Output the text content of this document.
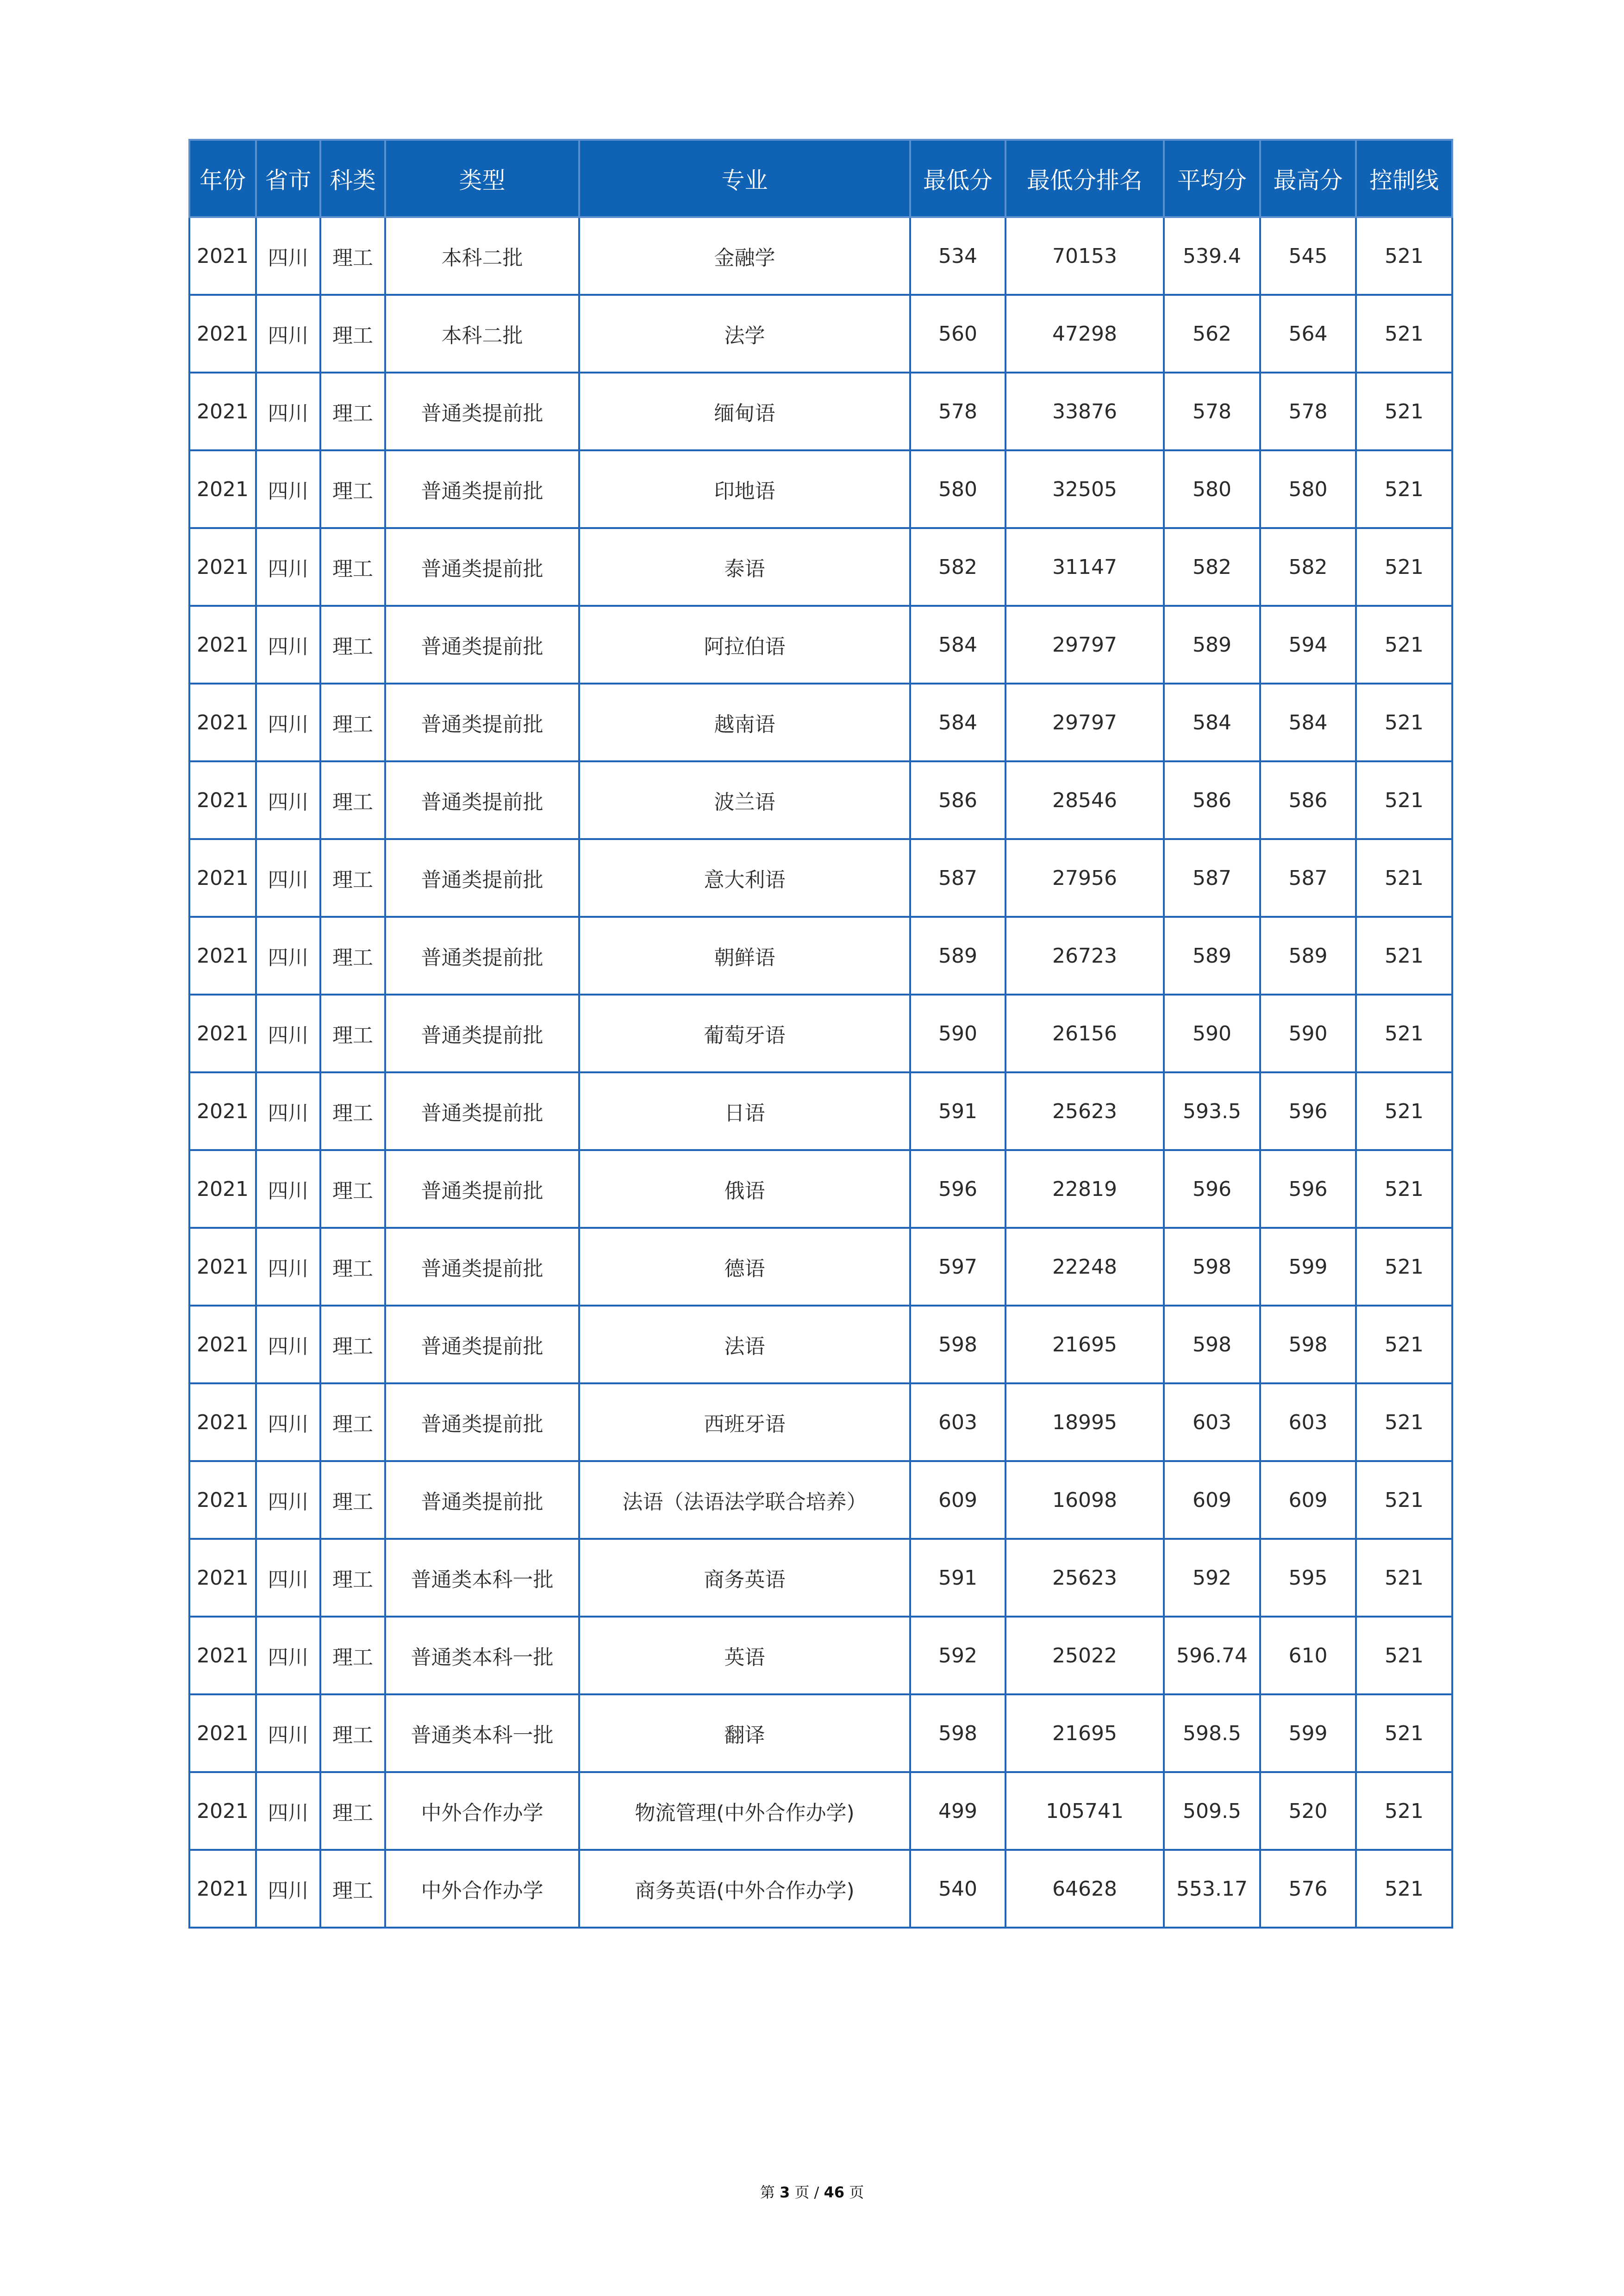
年份	省市	科类	类型	专业	最低分	最低分排名	平均分	最高分	控制线
2021	四川	理工	本科二批	金融学	534	70153	539.4	545	521
2021	四川	理工	本科二批	法学	560	47298	562	564	521
2021	四川	理工	普通类提前批	缅甸语	578	33876	578	578	521
2021	四川	理工	普通类提前批	印地语	580	32505	580	580	521
2021	四川	理工	普通类提前批	泰语	582	31147	582	582	521
2021	四川	理工	普通类提前批	阿拉伯语	584	29797	589	594	521
2021	四川	理工	普通类提前批	越南语	584	29797	584	584	521
2021	四川	理工	普通类提前批	波兰语	586	28546	586	586	521
2021	四川	理工	普通类提前批	意大利语	587	27956	587	587	521
2021	四川	理工	普通类提前批	朝鲜语	589	26723	589	589	521
2021	四川	理工	普通类提前批	葡萄牙语	590	26156	590	590	521
2021	四川	理工	普通类提前批	日语	591	25623	593.5	596	521
2021	四川	理工	普通类提前批	俄语	596	22819	596	596	521
2021	四川	理工	普通类提前批	德语	597	22248	598	599	521
2021	四川	理工	普通类提前批	法语	598	21695	598	598	521
2021	四川	理工	普通类提前批	西班牙语	603	18995	603	603	521
2021	四川	理工	普通类提前批	法语（法语法学联合培养）	609	16098	609	609	521
2021	四川	理工	普通类本科一批	商务英语	591	25623	592	595	521
2021	四川	理工	普通类本科一批	英语	592	25022	596.74	610	521
2021	四川	理工	普通类本科一批	翻译	598	21695	598.5	599	521
2021	四川	理工	中外合作办学	物流管理(中外合作办学)	499	105741	509.5	520	521
2021	四川	理工	中外合作办学	商务英语(中外合作办学)	540	64628	553.17	576	521
第 3 页 / 46 页
